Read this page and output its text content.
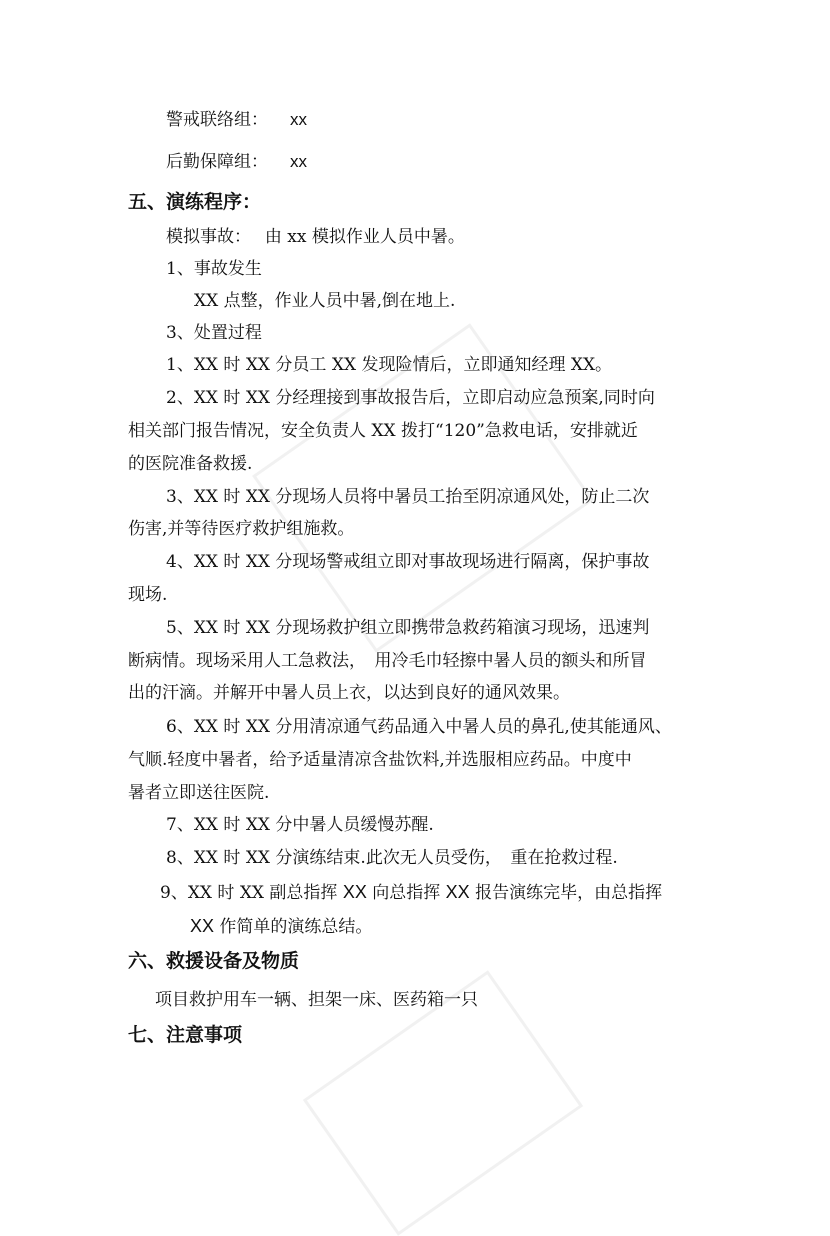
警戒联络组： xx
后勤保障组： xx
五、演练程序：
模拟事故：　 由 xx 模拟作业人员中暑。
1、事故发生
XX 点整，作业人员中暑,倒在地上.
3、处置过程
1、XX 时 XX 分员工 XX 发现险情后，立即通知经理 XX。
2、XX 时 XX 分经理接到事故报告后，立即启动应急预案,同时向
相关部门报告情况，安全负责人 XX 拨打“120”急救电话，安排就近
的医院准备救援.
3、XX 时 XX 分现场人员将中暑员工抬至阴凉通风处，防止二次
伤害,并等待医疗救护组施救。
4、XX 时 XX 分现场警戒组立即对事故现场进行隔离，保护事故
现场.
5、XX 时 XX 分现场救护组立即携带急救药箱演习现场，迅速判
断病情。现场采用人工急救法，　用冷毛巾轻擦中暑人员的额头和所冒
出的汗滴。并解开中暑人员上衣，以达到良好的通风效果。
6、XX 时 XX 分用清凉通气药品通入中暑人员的鼻孔,使其能通风、
气顺.轻度中暑者，给予适量清凉含盐饮料,并选服相应药品。中度中
暑者立即送往医院.
7、XX 时 XX 分中暑人员缓慢苏醒.
8、XX 时 XX 分演练结束.此次无人员受伤，　重在抢救过程.
9、XX 时 XX 副总指挥 XX 向总指挥 XX 报告演练完毕，由总指挥
XX 作简单的演练总结。
六、救援设备及物质
项目救护用车一辆、担架一床、医药箱一只
七、注意事项
